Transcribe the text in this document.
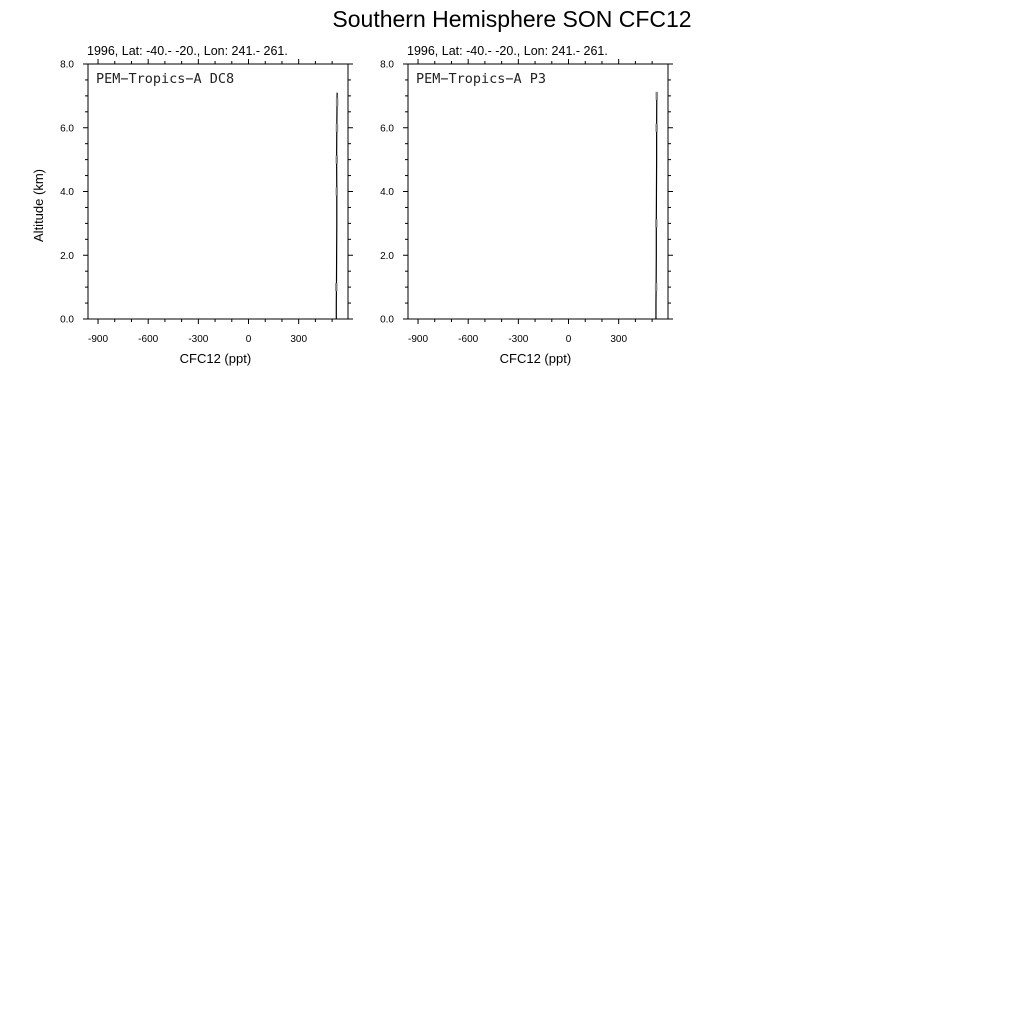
Southern Hemisphere SON CFC12
1996, Lat: -40.- -20., Lon: 241.- 261.
PEM−Tropics−A DC8
-900	-600	-300	0	300
0.0
2.0
4.0
6.0
8.0
CFC12 (ppt)
Altitude (km)
1996, Lat: -40.- -20., Lon: 241.- 261.
PEM−Tropics−A P3
-900	-600	-300	0	300
0.0
2.0
4.0
6.0
8.0
CFC12 (ppt)
